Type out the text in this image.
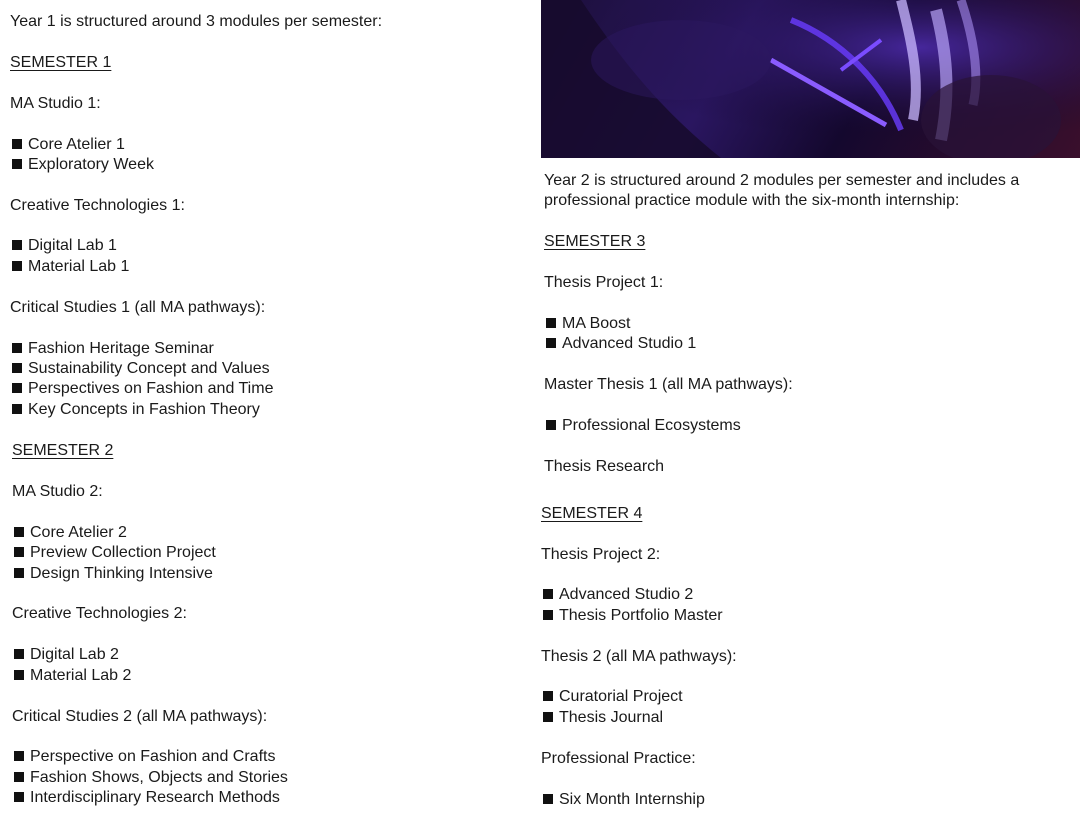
Year 1 is structured around 3 modules per semester:

SEMESTER 1

MA Studio 1:

Core Atelier 1

Exploratory Week

Creative Technologies 1:

Digital Lab 1

Material Lab 1

Critical Studies 1 (all MA pathways):

Fashion Heritage Seminar

Sustainability Concept and Values

Perspectives on Fashion and Time

Key Concepts in Fashion Theory

SEMESTER 2

MA Studio 2:

Core Atelier 2

Preview Collection Project

Design Thinking Intensive

Creative Technologies 2:

Digital Lab 2

Material Lab 2

Critical Studies 2 (all MA pathways):

Perspective on Fashion and Crafts

Fashion Shows, Objects and Stories

Interdisciplinary Research Methods

Year 2 is structured around 2 modules per semester and includes a

professional practice module with the six-month internship:

SEMESTER 3

Thesis Project 1:

MA Boost

Advanced Studio 1

Master Thesis 1 (all MA pathways):

Professional Ecosystems

Thesis Research

SEMESTER 4

Thesis Project 2:

Advanced Studio 2

Thesis Portfolio Master

Thesis 2 (all MA pathways):

Curatorial Project

Thesis Journal

Professional Practice:

Six Month Internship
